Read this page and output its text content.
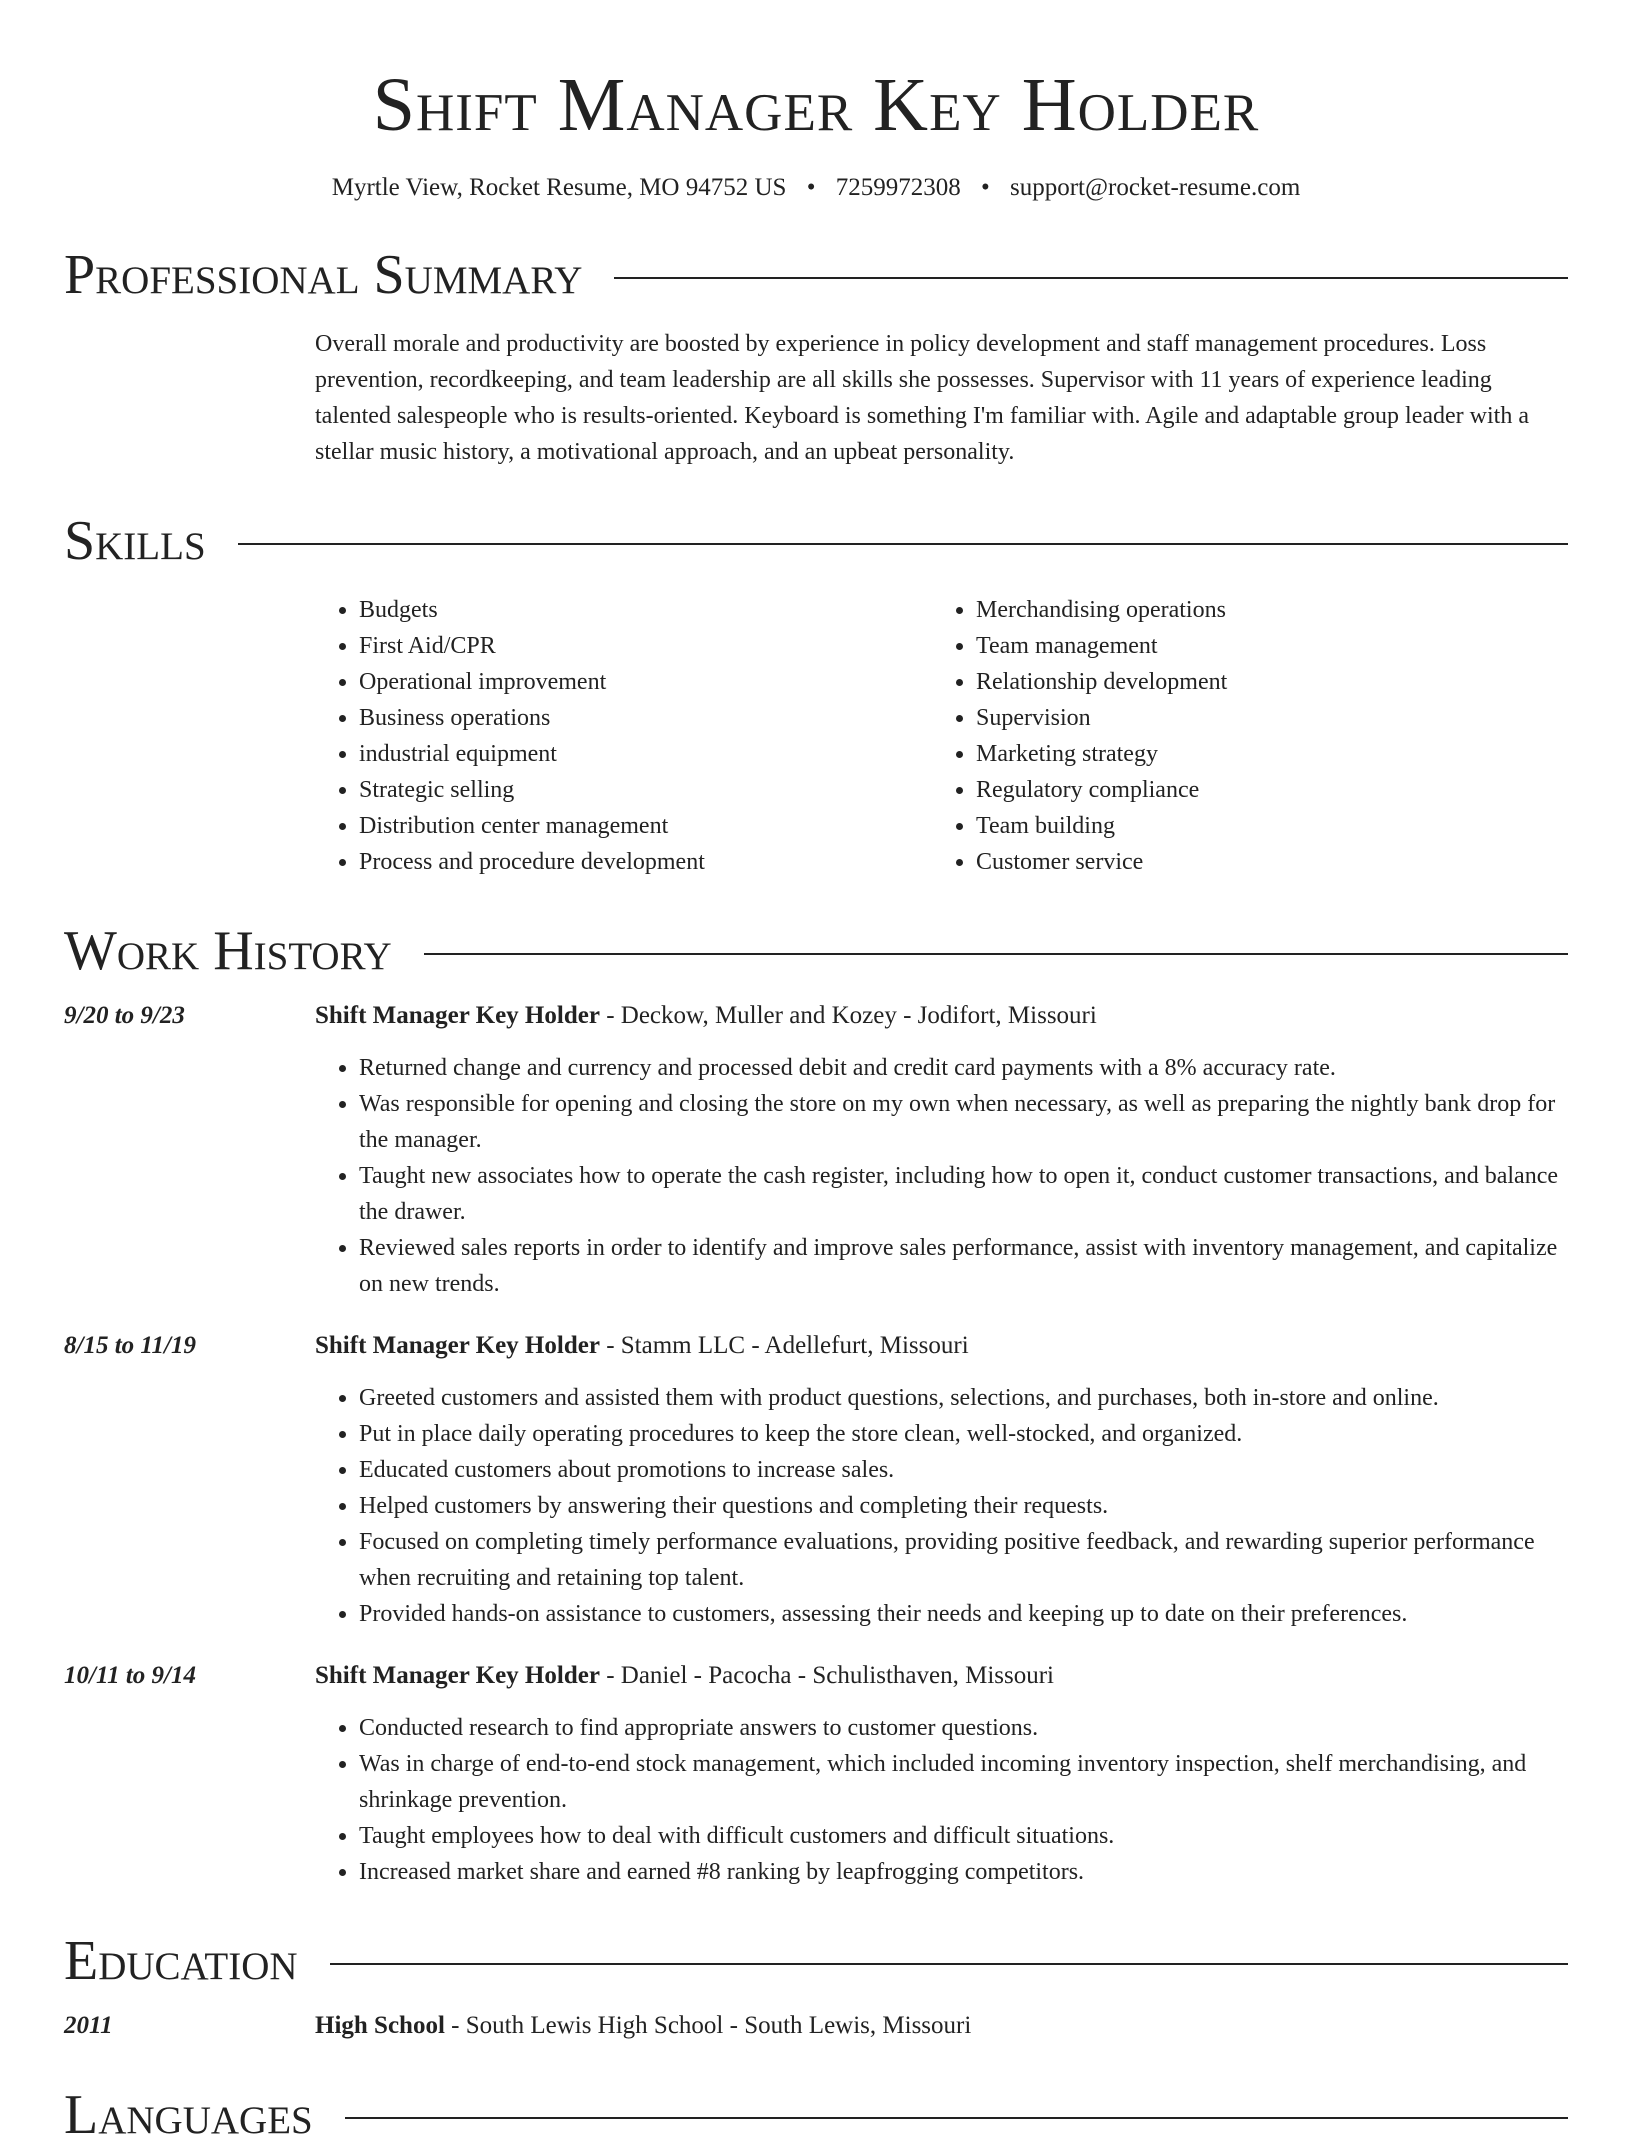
Shift Manager Key Holder
Myrtle View, Rocket Resume, MO 94752 US • 7259972308 • support@rocket-resume.com
Professional Summary
Overall morale and productivity are boosted by experience in policy development and staff management procedures. Loss prevention, recordkeeping, and team leadership are all skills she possesses. Supervisor with 11 years of experience leading talented salespeople who is results-oriented. Keyboard is something I'm familiar with. Agile and adaptable group leader with a stellar music history, a motivational approach, and an upbeat personality.
Skills
• Budgets
• First Aid/CPR
• Operational improvement
• Business operations
• industrial equipment
• Strategic selling
• Distribution center management
• Process and procedure development
• Merchandising operations
• Team management
• Relationship development
• Supervision
• Marketing strategy
• Regulatory compliance
• Team building
• Customer service
Work History
9/20 to 9/23	Shift Manager Key Holder - Deckow, Muller and Kozey - Jodifort, Missouri
• Returned change and currency and processed debit and credit card payments with a 8% accuracy rate.
• Was responsible for opening and closing the store on my own when necessary, as well as preparing the nightly bank drop for the manager.
• Taught new associates how to operate the cash register, including how to open it, conduct customer transactions, and balance the drawer.
• Reviewed sales reports in order to identify and improve sales performance, assist with inventory management, and capitalize on new trends.
8/15 to 11/19	Shift Manager Key Holder - Stamm LLC - Adellefurt, Missouri
• Greeted customers and assisted them with product questions, selections, and purchases, both in-store and online.
• Put in place daily operating procedures to keep the store clean, well-stocked, and organized.
• Educated customers about promotions to increase sales.
• Helped customers by answering their questions and completing their requests.
• Focused on completing timely performance evaluations, providing positive feedback, and rewarding superior performance when recruiting and retaining top talent.
• Provided hands-on assistance to customers, assessing their needs and keeping up to date on their preferences.
10/11 to 9/14	Shift Manager Key Holder - Daniel - Pacocha - Schulisthaven, Missouri
• Conducted research to find appropriate answers to customer questions.
• Was in charge of end-to-end stock management, which included incoming inventory inspection, shelf merchandising, and shrinkage prevention.
• Taught employees how to deal with difficult customers and difficult situations.
• Increased market share and earned #8 ranking by leapfrogging competitors.
Education
2011	High School - South Lewis High School - South Lewis, Missouri
Languages
